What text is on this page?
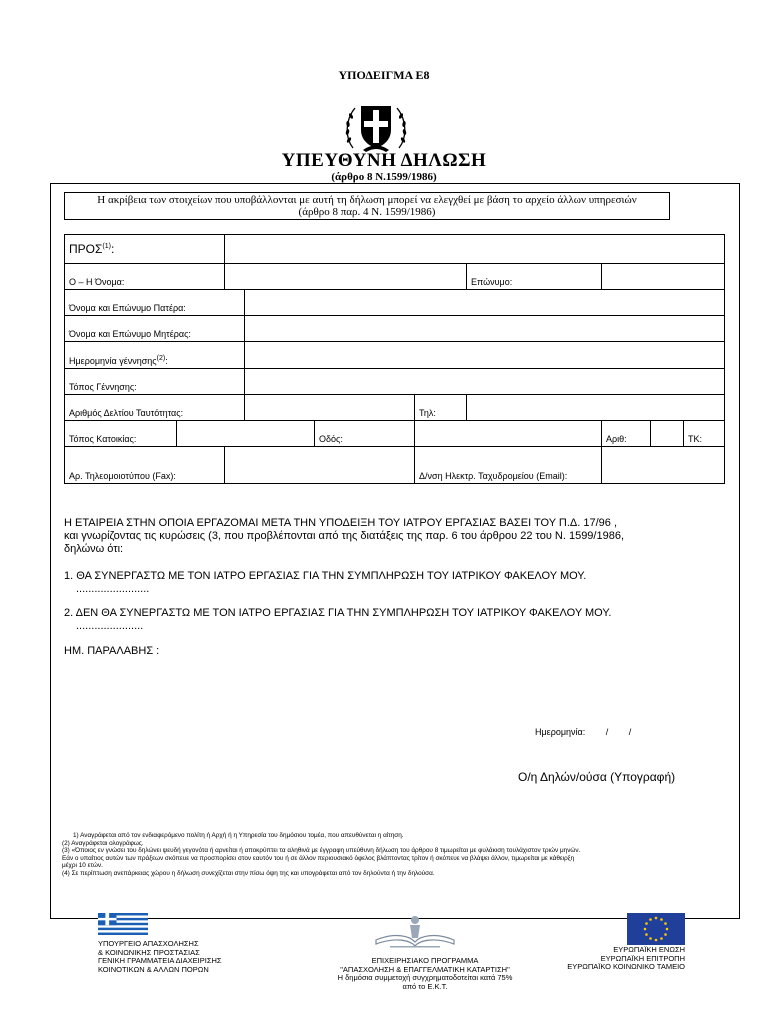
ΥΠΟΔΕΙΓΜΑ Ε8
ΥΠΕΥΘΥΝΗ ΔΗΛΩΣΗ
(άρθρο 8 Ν.1599/1986)
Η ακρίβεια των στοιχείων που υποβάλλονται με αυτή τη δήλωση μπορεί να ελεγχθεί με βάση το αρχείο άλλων υπηρεσιών
(άρθρο 8 παρ. 4 Ν. 1599/1986)
ΠΡΟΣ$^{(1)}$:									
Ο – Η Όνομα:						Επώνυμο:			
Όνομα και Επώνυμο Πατέρα:									
Όνομα και Επώνυμο Μητέρας:									
Ημερομηνία γέννησης$^{(2)}$:									
Τόπος Γέννησης:									
Αριθμός Δελτίου Ταυτότητας:					Τηλ:				
Τόπος Κατοικίας:				Οδός:			Αριθ:		ΤΚ:
Αρ. Τηλεομοιοτύπου (Fax):					Δ/νση Ηλεκτρ. Ταχυδρομείου (Email):				
Η ΕΤΑΙΡΕΙΑ ΣΤΗΝ ΟΠΟΙΑ ΕΡΓΑΖΟΜΑΙ ΜΕΤΑ ΤΗΝ ΥΠΟΔΕΙΞΗ ΤΟΥ ΙΑΤΡΟΥ ΕΡΓΑΣΙΑΣ ΒΑΣΕΙ ΤΟΥ Π.Δ. 17/96 ,
και γνωρίζοντας τις κυρώσεις (3, που προβλέπονται από της διατάξεις της παρ. 6 του άρθρου 22 του Ν. 1599/1986,
δηλώνω ότι:
1. ΘΑ ΣΥΝΕΡΓΑΣΤΩ ΜΕ ΤΟΝ ΙΑΤΡΟ ΕΡΓΑΣΙΑΣ ΓΙΑ ΤΗΝ ΣΥΜΠΛΗΡΩΣΗ ΤΟΥ ΙΑΤΡΙΚΟΥ ΦΑΚΕΛΟΥ ΜΟΥ.
........................
2. ΔΕΝ ΘΑ ΣΥΝΕΡΓΑΣΤΩ ΜΕ ΤΟΝ ΙΑΤΡΟ ΕΡΓΑΣΙΑΣ ΓΙΑ ΤΗΝ ΣΥΜΠΛΗΡΩΣΗ ΤΟΥ ΙΑΤΡΙΚΟΥ ΦΑΚΕΛΟΥ ΜΟΥ.
......................
ΗΜ. ΠΑΡΑΛΑΒΗΣ :
Ημερομηνία: / /
Ο/η Δηλών/ούσα (Υπογραφή)
1) Αναγράφεται από τον ενδιαφερόμενο πολίτη ή Αρχή ή η Υπηρεσία του δημόσιου τομέα, που απευθύνεται η αίτηση.
(2) Αναγράφεται ολογράφως.
(3) «Όποιος εν γνώσει του δηλώνει ψευδή γεγονότα ή αρνείται ή αποκρύπτει τα αληθινά με έγγραφη υπεύθυνη δήλωση του άρθρου 8 τιμωρείται με φυλάκιση τουλάχιστον τριών μηνών.
Εάν ο υπαίτιος αυτών των πράξεων σκόπευε να προσπορίσει στον εαυτόν του ή σε άλλον περιουσιακό όφελος βλάπτοντας τρίτον ή σκόπευε να βλάψει άλλον, τιμωρείται με κάθειρξη
μέχρι 10 ετών.
(4) Σε περίπτωση ανεπάρκειας χώρου η δήλωση συνεχίζεται στην πίσω όψη της και υπογράφεται από τον δηλούντα ή την δηλούσα.
ΥΠΟΥΡΓΕΙΟ ΑΠΑΣΧΟΛΗΣΗΣ
& ΚΟΙΝΩΝΙΚΗΣ ΠΡΟΣΤΑΣΙΑΣ
ΓΕΝΙΚΗ ΓΡΑΜΜΑΤΕΙΑ ΔΙΑΧΕΙΡΙΣΗΣ
ΚΟΙΝΟΤΙΚΩΝ & ΑΛΛΩΝ ΠΟΡΩΝ
ΕΠΙΧΕΙΡΗΣΙΑΚΟ ΠΡΟΓΡΑΜΜΑ
"ΑΠΑΣΧΟΛΗΣΗ & ΕΠΑΓΓΕΛΜΑΤΙΚΗ ΚΑΤΑΡΤΙΣΗ"
Η δημόσια συμμετοχή συγχρηματοδοτείται κατά 75%
από το Ε.Κ.Τ.
ΕΥΡΩΠΑΪΚΗ ΕΝΩΣΗ
ΕΥΡΩΠΑΪΚΗ ΕΠΙΤΡΟΠΗ
ΕΥΡΩΠΑΪΚΟ ΚΟΙΝΩΝΙΚΟ ΤΑΜΕΙΟ
